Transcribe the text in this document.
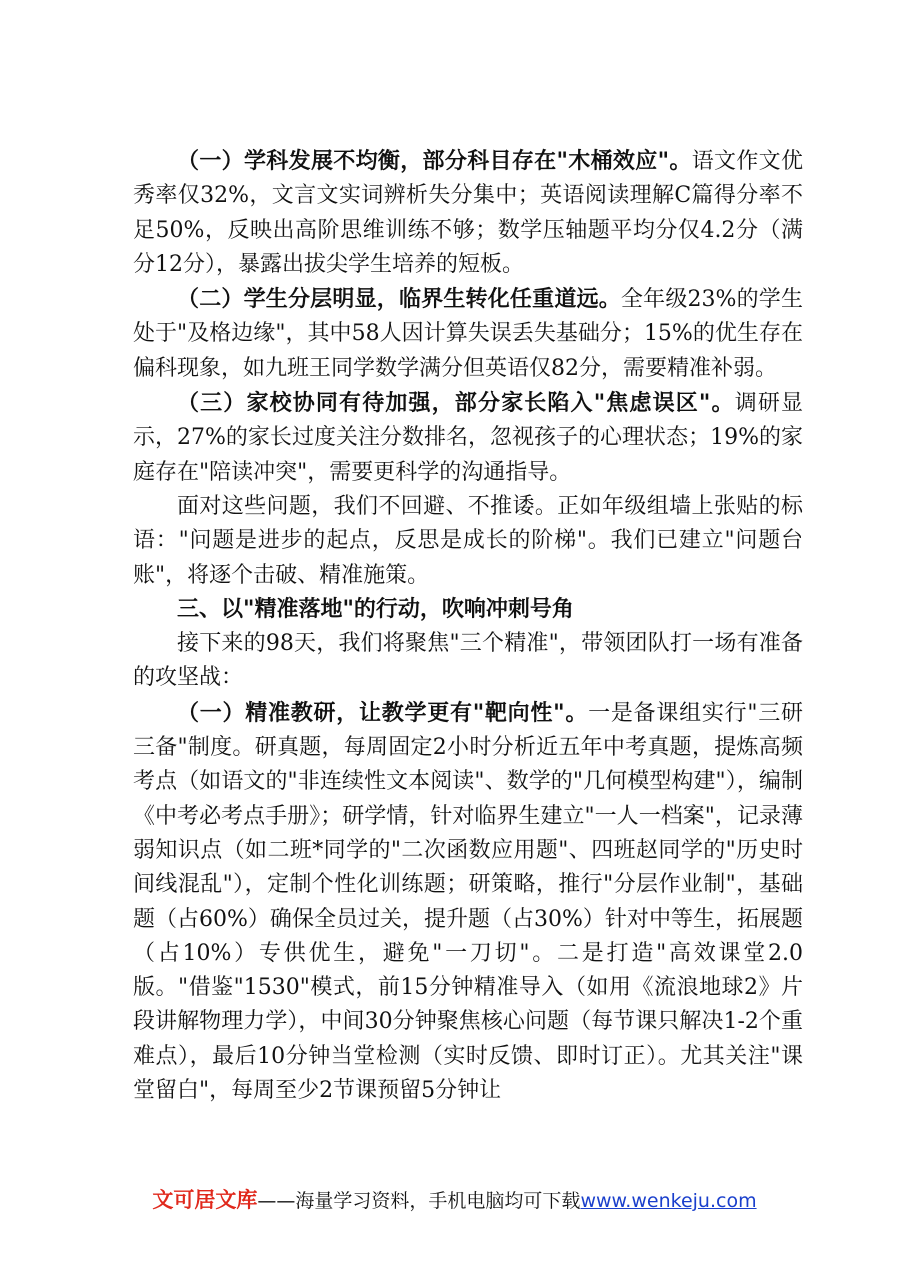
（一）学科发展不均衡，部分科目存在"木桶效应"。语文作文优秀率仅32%，文言文实词辨析失分集中；英语阅读理解C篇得分率不足50%，反映出高阶思维训练不够；数学压轴题平均分仅4.2分（满分12分），暴露出拔尖学生培养的短板。

（二）学生分层明显，临界生转化任重道远。全年级23%的学生处于"及格边缘"，其中58人因计算失误丢失基础分；15%的优生存在偏科现象，如九班王同学数学满分但英语仅82分，需要精准补弱。

（三）家校协同有待加强，部分家长陷入"焦虑误区"。调研显示，27%的家长过度关注分数排名，忽视孩子的心理状态；19%的家庭存在"陪读冲突"，需要更科学的沟通指导。

面对这些问题，我们不回避、不推诿。正如年级组墙上张贴的标语："问题是进步的起点，反思是成长的阶梯"。我们已建立"问题台账"，将逐个击破、精准施策。

三、以"精准落地"的行动，吹响冲刺号角

接下来的98天，我们将聚焦"三个精准"，带领团队打一场有准备的攻坚战：

（一）精准教研，让教学更有"靶向性"。一是备课组实行"三研三备"制度。研真题，每周固定2小时分析近五年中考真题，提炼高频考点（如语文的"非连续性文本阅读"、数学的"几何模型构建"），编制《中考必考点手册》；研学情，针对临界生建立"一人一档案"，记录薄弱知识点（如二班*同学的"二次函数应用题"、四班赵同学的"历史时间线混乱"），定制个性化训练题；研策略，推行"分层作业制"，基础题（占60%）确保全员过关，提升题（占30%）针对中等生，拓展题（占10%）专供优生，避免"一刀切"。二是打造"高效课堂2.0版。"借鉴"1530"模式，前15分钟精准导入（如用《流浪地球2》片段讲解物理力学），中间30分钟聚焦核心问题（每节课只解决1-2个重难点），最后10分钟当堂检测（实时反馈、即时订正）。尤其关注"课堂留白"，每周至少2节课预留5分钟让

文可居文库——海量学习资料，手机电脑均可下载www.wenkeju.com
